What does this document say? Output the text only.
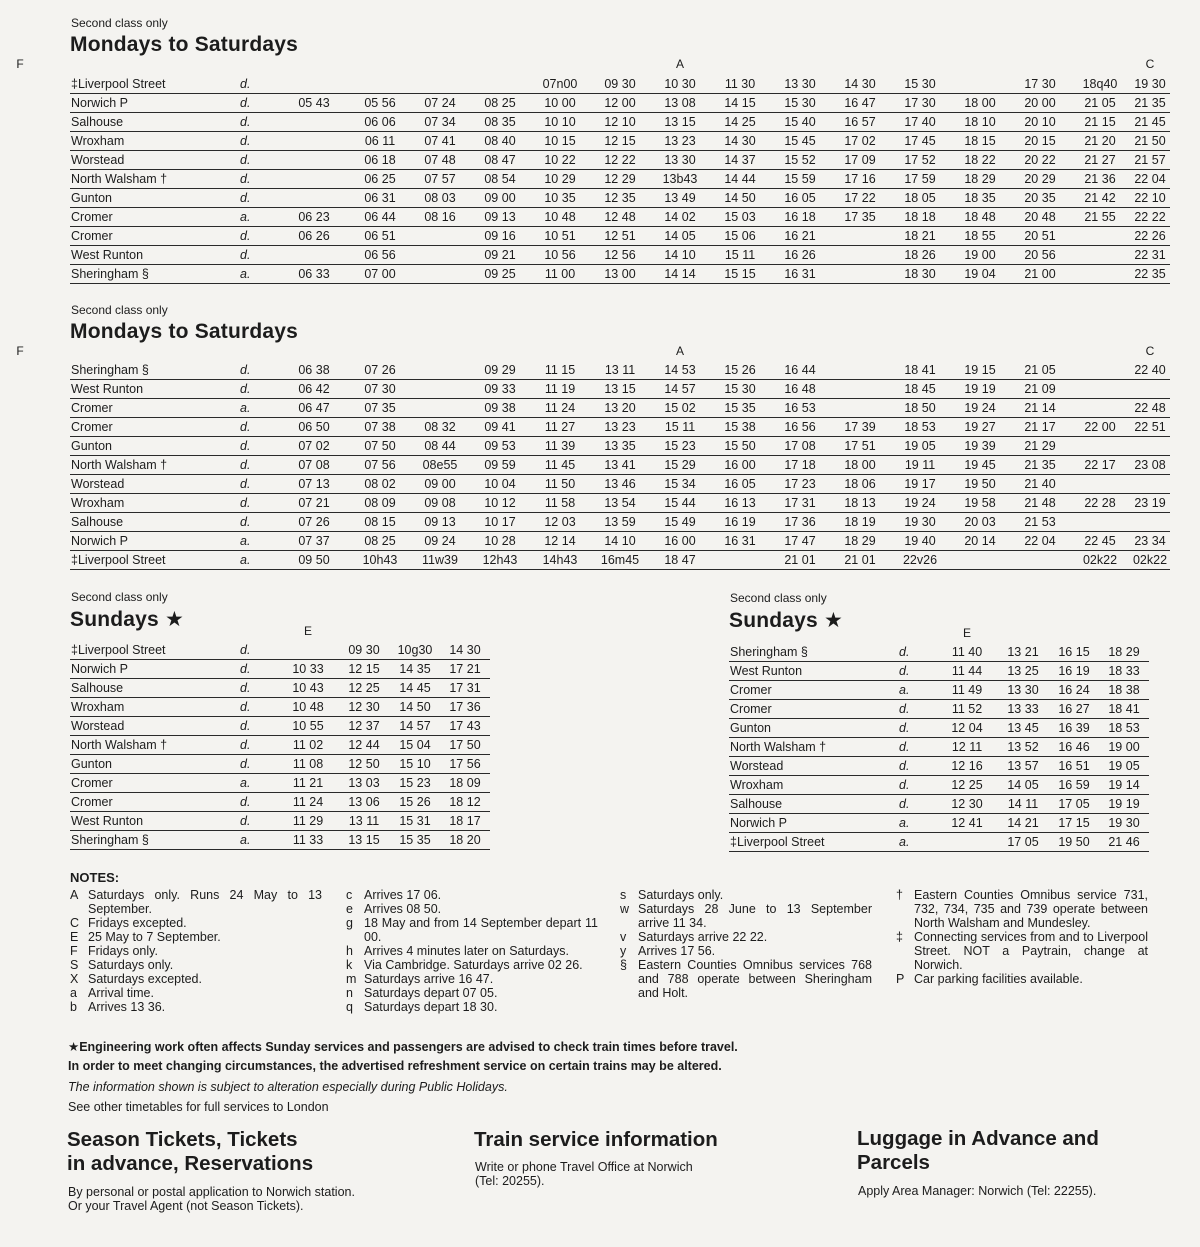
Second class only
Mondays to Saturdays
A	C
F
‡Liverpool Street	d.					07n00	09 30	10 30	11 30	13 30	14 30	15 30		17 30	18q40	19 30
Norwich P	d.	05 43	05 56	07 24	08 25	10 00	12 00	13 08	14 15	15 30	16 47	17 30	18 00	20 00	21 05	21 35
Salhouse	d.		06 06	07 34	08 35	10 10	12 10	13 15	14 25	15 40	16 57	17 40	18 10	20 10	21 15	21 45
Wroxham	d.		06 11	07 41	08 40	10 15	12 15	13 23	14 30	15 45	17 02	17 45	18 15	20 15	21 20	21 50
Worstead	d.		06 18	07 48	08 47	10 22	12 22	13 30	14 37	15 52	17 09	17 52	18 22	20 22	21 27	21 57
North Walsham †	d.		06 25	07 57	08 54	10 29	12 29	13b43	14 44	15 59	17 16	17 59	18 29	20 29	21 36	22 04
Gunton	d.		06 31	08 03	09 00	10 35	12 35	13 49	14 50	16 05	17 22	18 05	18 35	20 35	21 42	22 10
Cromer	a.	06 23	06 44	08 16	09 13	10 48	12 48	14 02	15 03	16 18	17 35	18 18	18 48	20 48	21 55	22 22
Cromer	d.	06 26	06 51		09 16	10 51	12 51	14 05	15 06	16 21		18 21	18 55	20 51		22 26
West Runton	d.		06 56		09 21	10 56	12 56	14 10	15 11	16 26		18 26	19 00	20 56		22 31
Sheringham §	a.	06 33	07 00		09 25	11 00	13 00	14 14	15 15	16 31		18 30	19 04	21 00		22 35
Second class only
Mondays to Saturdays
A	C
F
Sheringham §	d.	06 38	07 26		09 29	11 15	13 11	14 53	15 26	16 44		18 41	19 15	21 05		22 40
West Runton	d.	06 42	07 30		09 33	11 19	13 15	14 57	15 30	16 48		18 45	19 19	21 09		
Cromer	a.	06 47	07 35		09 38	11 24	13 20	15 02	15 35	16 53		18 50	19 24	21 14		22 48
Cromer	d.	06 50	07 38	08 32	09 41	11 27	13 23	15 11	15 38	16 56	17 39	18 53	19 27	21 17	22 00	22 51
Gunton	d.	07 02	07 50	08 44	09 53	11 39	13 35	15 23	15 50	17 08	17 51	19 05	19 39	21 29		
North Walsham †	d.	07 08	07 56	08e55	09 59	11 45	13 41	15 29	16 00	17 18	18 00	19 11	19 45	21 35	22 17	23 08
Worstead	d.	07 13	08 02	09 00	10 04	11 50	13 46	15 34	16 05	17 23	18 06	19 17	19 50	21 40		
Wroxham	d.	07 21	08 09	09 08	10 12	11 58	13 54	15 44	16 13	17 31	18 13	19 24	19 58	21 48	22 28	23 19
Salhouse	d.	07 26	08 15	09 13	10 17	12 03	13 59	15 49	16 19	17 36	18 19	19 30	20 03	21 53		
Norwich P	a.	07 37	08 25	09 24	10 28	12 14	14 10	16 00	16 31	17 47	18 29	19 40	20 14	22 04	22 45	23 34
‡Liverpool Street	a.	09 50	10h43	11w39	12h43	14h43	16m45	18 47		21 01	21 01	22v26			02k22	02k22
Second class only
Sundays ★	E
‡Liverpool Street	d.		09 30	10g30	14 30
Norwich P	d.	10 33	12 15	14 35	17 21
Salhouse	d.	10 43	12 25	14 45	17 31
Wroxham	d.	10 48	12 30	14 50	17 36
Worstead	d.	10 55	12 37	14 57	17 43
North Walsham †	d.	11 02	12 44	15 04	17 50
Gunton	d.	11 08	12 50	15 10	17 56
Cromer	a.	11 21	13 03	15 23	18 09
Cromer	d.	11 24	13 06	15 26	18 12
West Runton	d.	11 29	13 11	15 31	18 17
Sheringham §	a.	11 33	13 15	15 35	18 20
Second class only
Sundays ★
E
Sheringham §	d.	11 40	13 21	16 15	18 29
West Runton	d.	11 44	13 25	16 19	18 33
Cromer	a.	11 49	13 30	16 24	18 38
Cromer	d.	11 52	13 33	16 27	18 41
Gunton	d.	12 04	13 45	16 39	18 53
North Walsham †	d.	12 11	13 52	16 46	19 00
Worstead	d.	12 16	13 57	16 51	19 05
Wroxham	d.	12 25	14 05	16 59	19 14
Salhouse	d.	12 30	14 11	17 05	19 19
Norwich P	a.	12 41	14 21	17 15	19 30
‡Liverpool Street	a.		17 05	19 50	21 46
NOTES:
A Saturdays only. Runs 24 May to 13 September.
C Fridays excepted.
E 25 May to 7 September.
F Fridays only.
S Saturdays only.
X Saturdays excepted.
a Arrival time.
b Arrives 13 36.
c Arrives 17 06.
e Arrives 08 50.
g 18 May and from 14 September depart 11 00.
h Arrives 4 minutes later on Saturdays.
k Via Cambridge. Saturdays arrive 02 26.
m Saturdays arrive 16 47.
n Saturdays depart 07 05.
q Saturdays depart 18 30.
s Saturdays only.
w Saturdays 28 June to 13 September arrive 11 34.
v Saturdays arrive 22 22.
y Arrives 17 56.
§ Eastern Counties Omnibus services 768 and 788 operate between Sheringham and Holt.
† Eastern Counties Omnibus service 731, 732, 734, 735 and 739 operate between North Walsham and Mundesley.
‡ Connecting services from and to Liverpool Street. NOT a Paytrain, change at Norwich.
P Car parking facilities available.
★Engineering work often affects Sunday services and passengers are advised to check train times before travel.
In order to meet changing circumstances, the advertised refreshment service on certain trains may be altered.
The information shown is subject to alteration especially during Public Holidays.
See other timetables for full services to London
Season Tickets, Tickets
in advance, Reservations
By personal or postal application to Norwich station.
Or your Travel Agent (not Season Tickets).
Train service information
Write or phone Travel Office at Norwich
(Tel: 20255).
Luggage in Advance and
Parcels
Apply Area Manager: Norwich (Tel: 22255).
